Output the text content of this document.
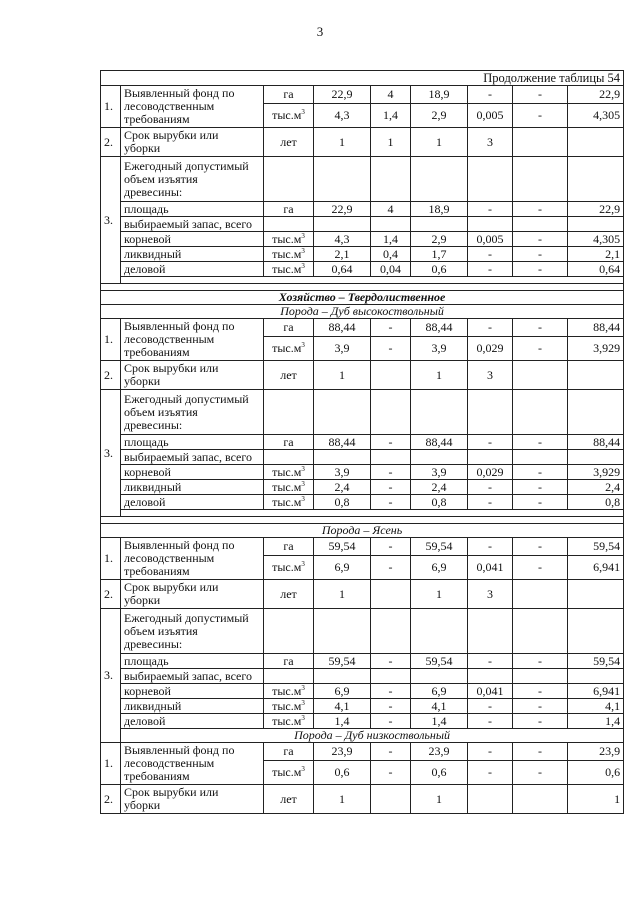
3
Продолжение таблицы 54								
1.	Выявленный фонд по
лесоводственным
требованиям	га	22,9	4	18,9	-	-	22,9
		$тыс.м^3$	4,3	1,4	2,9	0,005	-	4,305
2.	Срок вырубки или
уборки	лет	1	1	1	3		
3.	Ежегодный допустимый
объем изъятия
древесины:							

	площадь	га	22,9	4	18,9	-	-	22,9
	выбираемый запас, всего							
	корневой	$тыс.м^3$	4,3	1,4	2,9	0,005	-	4,305
	ликвидный	$тыс.м^3$	2,1	0,4	1,7	-	-	2,1
	деловой	$тыс.м^3$	0,64	0,04	0,6	-	-	0,64

Хозяйство – Твердолиственное								
Порода – Дуб высокоствольный								
1.	Выявленный фонд по
лесоводственным
требованиям	га	88,44	-	88,44	-	-	88,44
		$тыс.м^3$	3,9	-	3,9	0,029	-	3,929
2.	Срок вырубки или
уборки	лет	1		1	3		
3.	Ежегодный допустимый
объем изъятия
древесины:							

	площадь	га	88,44	-	88,44	-	-	88,44
	выбираемый запас, всего							
	корневой	$тыс.м^3$	3,9	-	3,9	0,029	-	3,929
	ликвидный	$тыс.м^3$	2,4	-	2,4	-	-	2,4
	деловой	$тыс.м^3$	0,8	-	0,8	-	-	0,8

Порода – Ясень								
1.	Выявленный фонд по
лесоводственным
требованиям	га	59,54	-	59,54	-	-	59,54
		$тыс.м^3$	6,9	-	6,9	0,041	-	6,941
2.	Срок вырубки или
уборки	лет	1		1	3		
3.	Ежегодный допустимый
объем изъятия
древесины:							

	площадь	га	59,54	-	59,54	-	-	59,54
	выбираемый запас, всего							
	корневой	$тыс.м^3$	6,9	-	6,9	0,041	-	6,941
	ликвидный	$тыс.м^3$	4,1	-	4,1	-	-	4,1
	деловой	$тыс.м^3$	1,4	-	1,4	-	-	1,4
	Порода – Дуб низкоствольный							
1.	Выявленный фонд по
лесоводственным
требованиям	га	23,9	-	23,9	-	-	23,9
		$тыс.м^3$	0,6	-	0,6	-	-	0,6
2.	Срок вырубки или
уборки	лет	1		1			1
